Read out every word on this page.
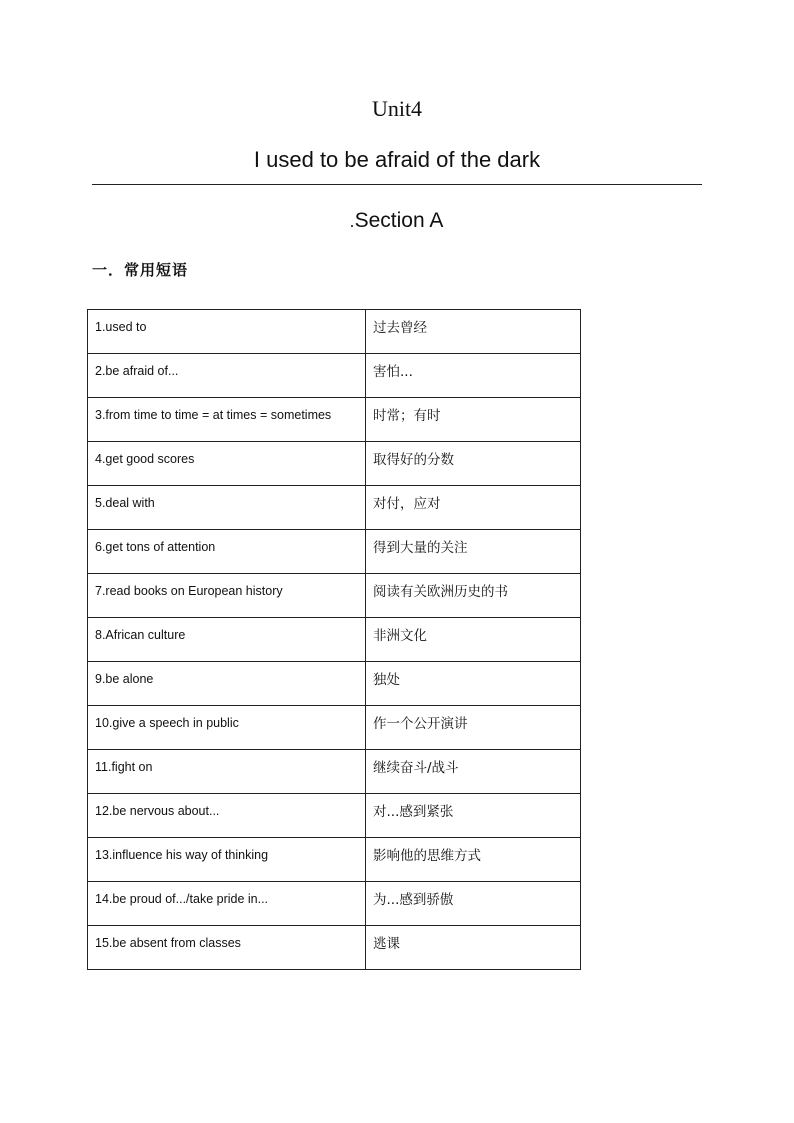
Unit4
I used to be afraid of the dark
Section A
一．常用短语
1.used to	过去曾经
2.be afraid of...	害怕...
3.from time to time = at times = sometimes	时常；有时
4.get good scores	取得好的分数
5.deal with	对付，应对
6.get tons of attention	得到大量的关注
7.read books on European history	阅读有关欧洲历史的书
8.African culture	非洲文化
9.be alone	独处
10.give a speech in public	作一个公开演讲
11.fight on	继续奋斗/战斗
12.be nervous about...	对...感到紧张
13.influence his way of thinking	影响他的思维方式
14.be proud of.../take pride in...	为...感到骄傲
15.be absent from classes	逃课
